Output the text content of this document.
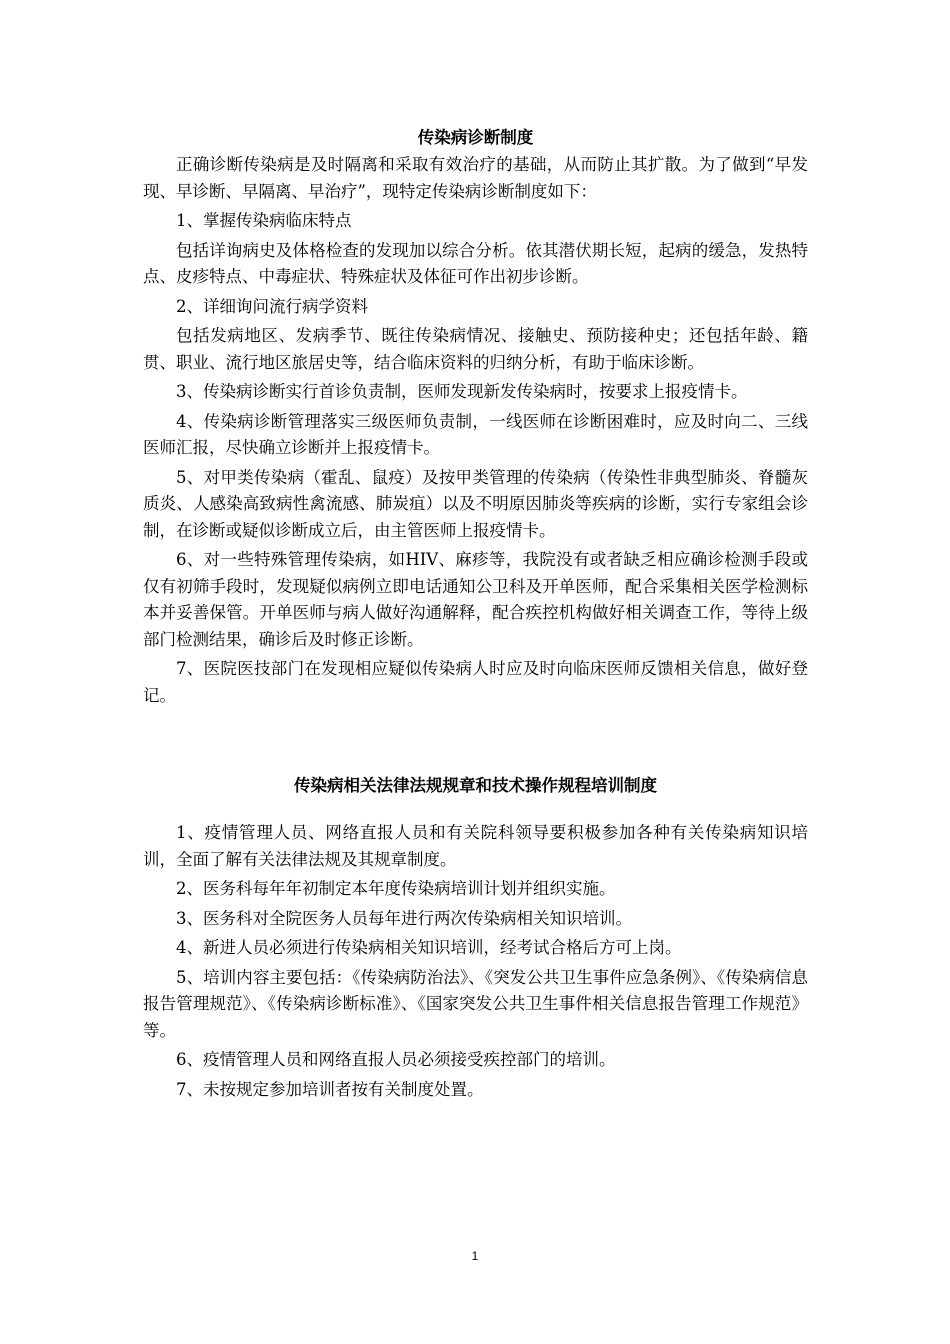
传染病诊断制度

正确诊断传染病是及时隔离和采取有效治疗的基础，从而防止其扩散。为了做到“早发现、早诊断、早隔离、早治疗”，现特定传染病诊断制度如下：

1、掌握传染病临床特点

包括详询病史及体格检查的发现加以综合分析。依其潜伏期长短，起病的缓急，发热特点、皮疹特点、中毒症状、特殊症状及体征可作出初步诊断。

2、详细询问流行病学资料

包括发病地区、发病季节、既往传染病情况、接触史、预防接种史；还包括年龄、籍贯、职业、流行地区旅居史等，结合临床资料的归纳分析，有助于临床诊断。

3、传染病诊断实行首诊负责制，医师发现新发传染病时，按要求上报疫情卡。

4、传染病诊断管理落实三级医师负责制，一线医师在诊断困难时，应及时向二、三线医师汇报，尽快确立诊断并上报疫情卡。

5、对甲类传染病（霍乱、鼠疫）及按甲类管理的传染病（传染性非典型肺炎、脊髓灰质炎、人感染高致病性禽流感、肺炭疽）以及不明原因肺炎等疾病的诊断，实行专家组会诊制，在诊断或疑似诊断成立后，由主管医师上报疫情卡。

6、对一些特殊管理传染病，如HIV、麻疹等，我院没有或者缺乏相应确诊检测手段或仅有初筛手段时，发现疑似病例立即电话通知公卫科及开单医师，配合采集相关医学检测标本并妥善保管。开单医师与病人做好沟通解释，配合疾控机构做好相关调查工作，等待上级部门检测结果，确诊后及时修正诊断。

7、医院医技部门在发现相应疑似传染病人时应及时向临床医师反馈相关信息，做好登记。

传染病相关法律法规规章和技术操作规程培训制度

1、疫情管理人员、网络直报人员和有关院科领导要积极参加各种有关传染病知识培训，全面了解有关法律法规及其规章制度。

2、医务科每年年初制定本年度传染病培训计划并组织实施。

3、医务科对全院医务人员每年进行两次传染病相关知识培训。

4、新进人员必须进行传染病相关知识培训，经考试合格后方可上岗。

5、培训内容主要包括：《传染病防治法》、《突发公共卫生事件应急条例》、《传染病信息报告管理规范》、《传染病诊断标准》、《国家突发公共卫生事件相关信息报告管理工作规范》等。

6、疫情管理人员和网络直报人员必须接受疾控部门的培训。

7、未按规定参加培训者按有关制度处置。

1
